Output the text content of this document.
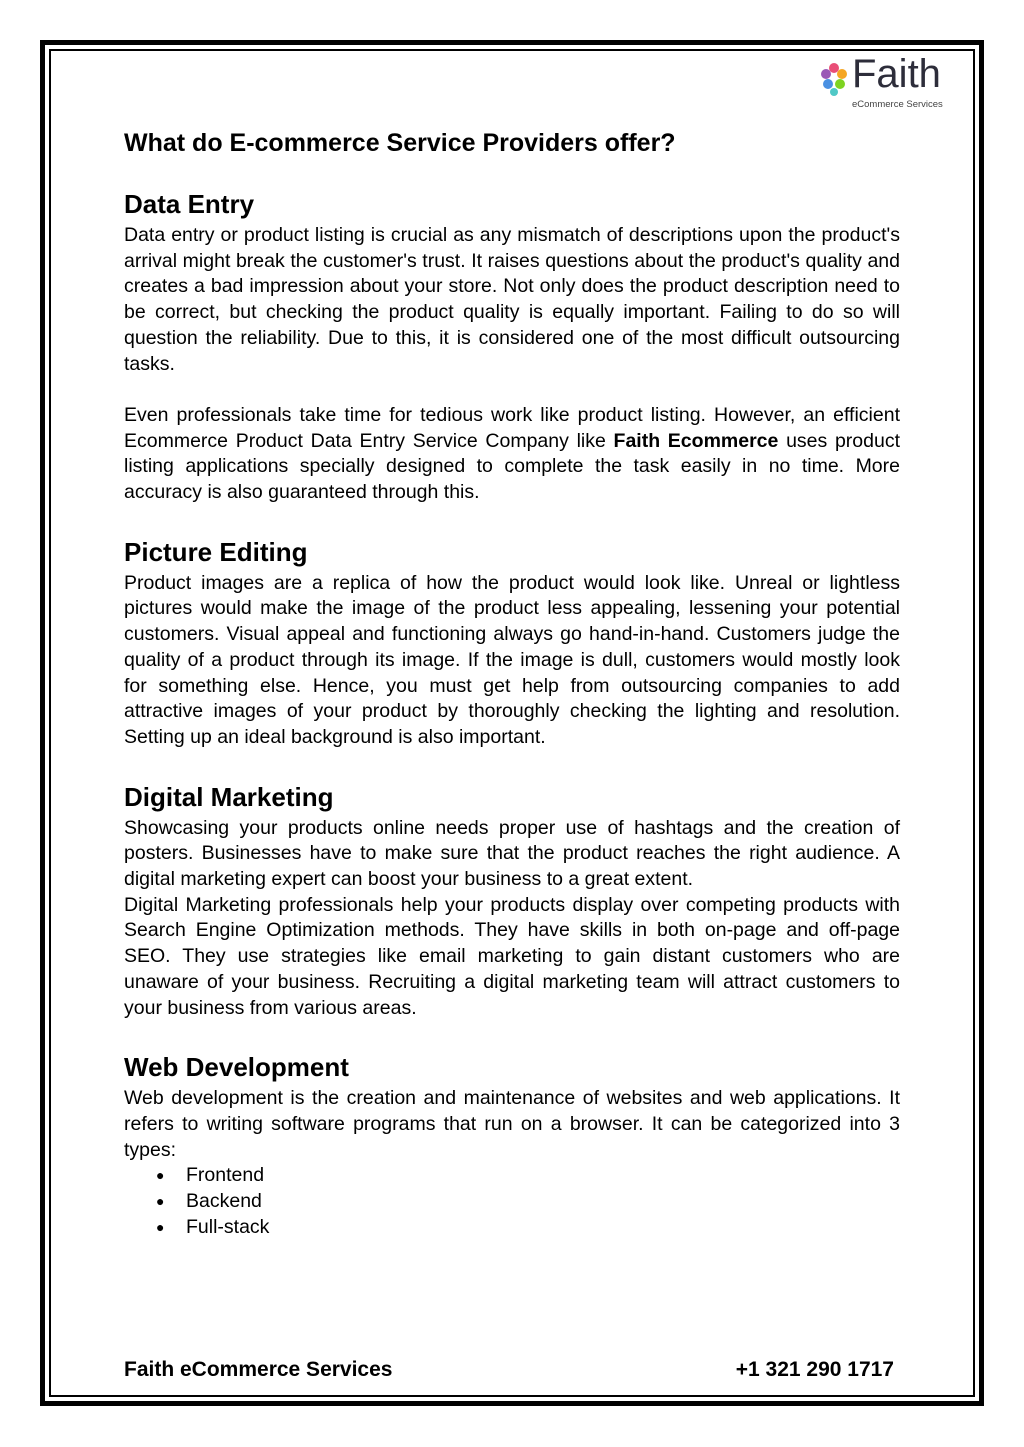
Faith
eCommerce Services
What do E-commerce Service Providers offer?
Data Entry

Data entry or product listing is crucial as any mismatch of descriptions upon the product's arrival might break the customer's trust. It raises questions about the product's quality and creates a bad impression about your store. Not only does the product description need to be correct, but checking the product quality is equally important. Failing to do so will question the reliability. Due to this, it is considered one of the most difficult outsourcing tasks.

Even professionals take time for tedious work like product listing. However, an efficient Ecommerce Product Data Entry Service Company like Faith Ecommerce uses product listing applications specially designed to complete the task easily in no time. More accuracy is also guaranteed through this.

Picture Editing

Product images are a replica of how the product would look like. Unreal or lightless pictures would make the image of the product less appealing, lessening your potential customers. Visual appeal and functioning always go hand-in-hand. Customers judge the quality of a product through its image. If the image is dull, customers would mostly look for something else. Hence, you must get help from outsourcing companies to add attractive images of your product by thoroughly checking the lighting and resolution. Setting up an ideal background is also important.

Digital Marketing

Showcasing your products online needs proper use of hashtags and the creation of posters. Businesses have to make sure that the product reaches the right audience. A digital marketing expert can boost your business to a great extent.

Digital Marketing professionals help your products display over competing products with Search Engine Optimization methods. They have skills in both on-page and off-page SEO. They use strategies like email marketing to gain distant customers who are unaware of your business. Recruiting a digital marketing team will attract customers to your business from various areas.

Web Development

Web development is the creation and maintenance of websites and web applications. It refers to writing software programs that run on a browser. It can be categorized into 3 types:

● Frontend
● Backend
● Full-stack
Faith eCommerce Services	+1 321 290 1717
